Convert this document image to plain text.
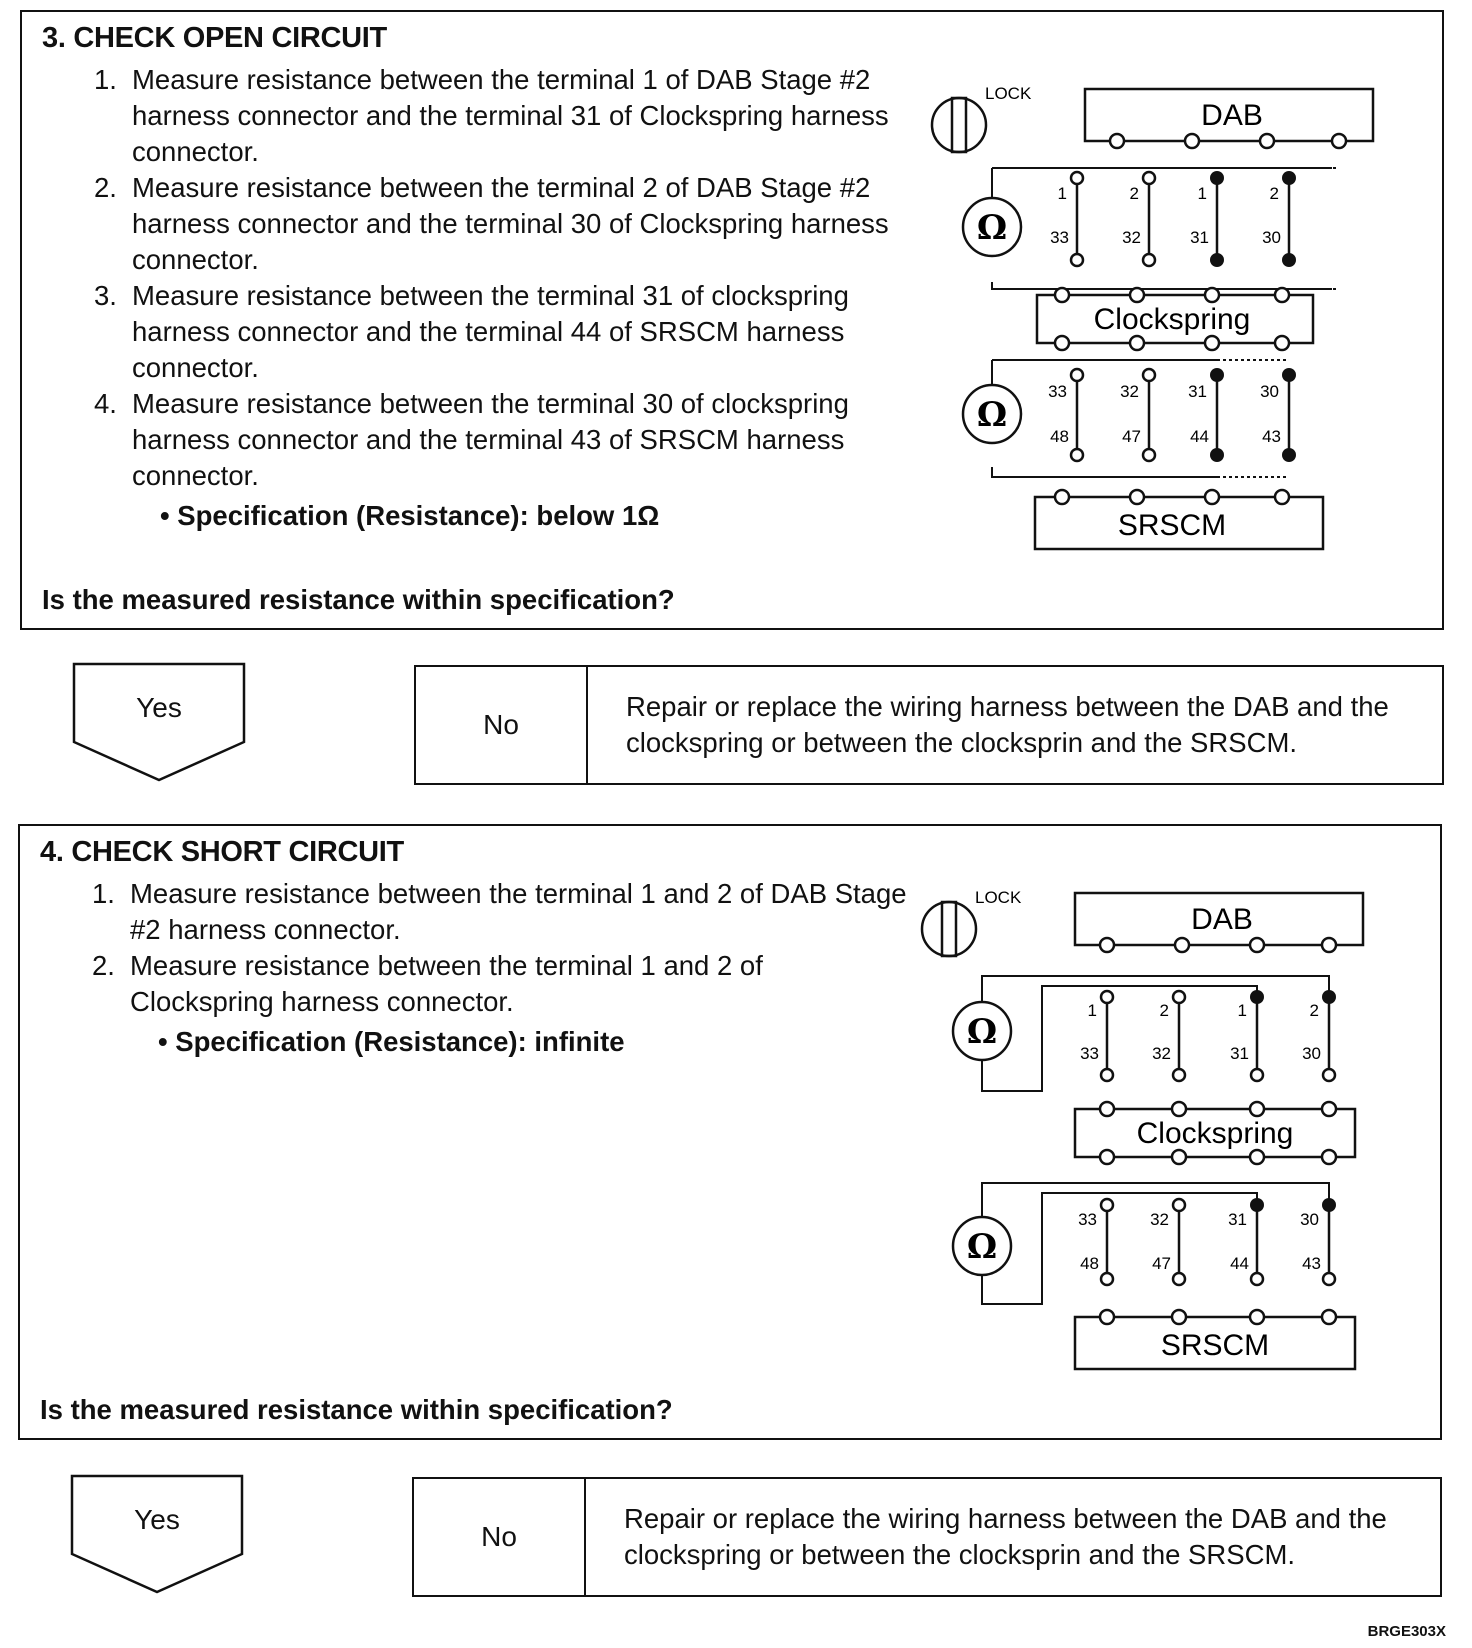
3. CHECK OPEN CIRCUIT
1. Measure resistance between the terminal 1 of DAB Stage #2 harness connector and the terminal 31 of Clockspring harness connector.
2. Measure resistance between the terminal 2 of DAB Stage #2 harness connector and the terminal 30 of Clockspring harness connector.
3. Measure resistance between the terminal 31 of clockspring harness connector and the terminal 44 of SRSCM harness connector.
4. Measure resistance between the terminal 30 of clockspring harness connector and the terminal 43 of SRSCM harness connector.
• Specification (Resistance): below 1Ω
Is the measured resistance within specification?
LOCK
DAB
Ω
1	2	1	2
33	32	31	30
Clockspring
Ω
33	32	31	30
48	47	44	43
SRSCM
Yes
No
Repair or replace the wiring harness between the DAB and the clockspring or between the clocksprin and the SRSCM.
4. CHECK SHORT CIRCUIT
1. Measure resistance between the terminal 1 and 2 of DAB Stage #2 harness connector.
2. Measure resistance between the terminal 1 and 2 of Clockspring harness connector.
• Specification (Resistance): infinite
Is the measured resistance within specification?
LOCK
DAB
Ω
1	2	1	2
33	32	31	30
Clockspring
Ω
33	32	31	30
48	47	44	43
SRSCM
Yes
No
Repair or replace the wiring harness between the DAB and the clockspring or between the clocksprin and the SRSCM.
BRGE303X
